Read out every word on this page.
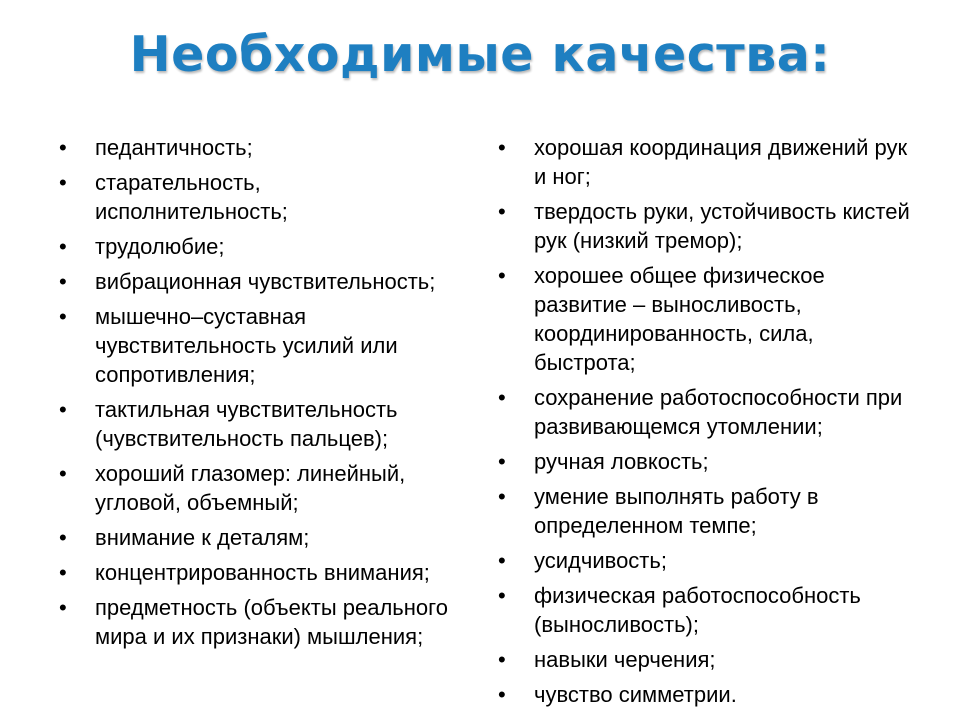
Необходимые качества:
• педантичность;
• старательность, исполнительность;
• трудолюбие;
• вибрационная чувствительность;
• мышечно–суставная чувствительность усилий или сопротивления;
• тактильная чувствительность (чувствительность пальцев);
• хороший глазомер: линейный, угловой, объемный;
• внимание к деталям;
• концентрированность внимания;
• предметность (объекты реального мира и их признаки) мышления;
• хорошая координация движений рук и ног;
• твердость руки, устойчивость кистей рук (низкий тремор);
• хорошее общее физическое развитие – выносливость, координированность, сила, быстрота;
• сохранение работоспособности при развивающемся утомлении;
• ручная ловкость;
• умение выполнять работу в определенном темпе;
• усидчивость;
• физическая работоспособность (выносливость);
• навыки черчения;
• чувство симметрии.
